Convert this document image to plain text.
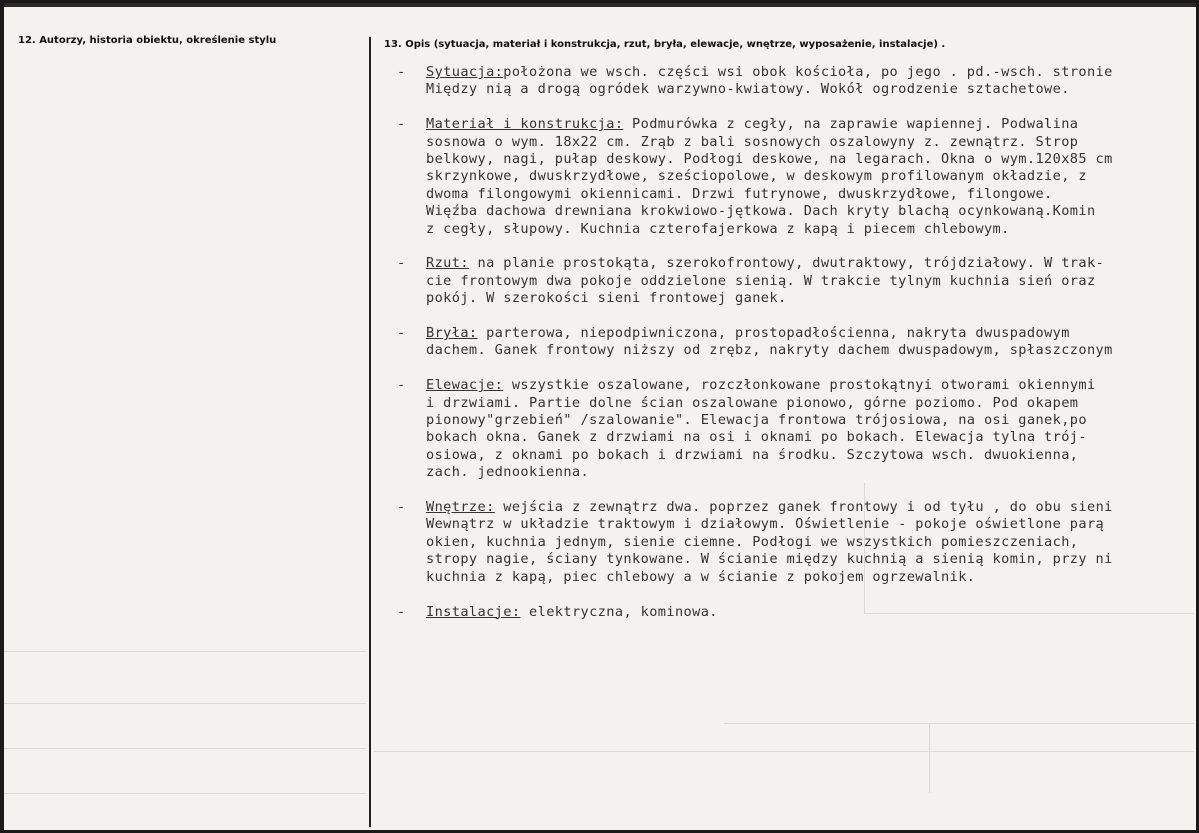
12. Autorzy, historia obiektu, określenie stylu	13. Opis (sytuacja, materiał i konstrukcja, rzut, bryła, elewacje, wnętrze, wyposażenie, instalacje) .
- Sytuacja:położona we wsch. części wsi obok kościoła, po jego . pd.-wsch. stronie
Między nią a drogą ogródek warzywno-kwiatowy. Wokół ogrodzenie sztachetowe.
- Materiał i konstrukcja: Podmurówka z cegły, na zaprawie wapiennej. Podwalina
sosnowa o wym. 18x22 cm. Zrąb z bali sosnowych oszalowyny z. zewnątrz. Strop
belkowy, nagi, pułap deskowy. Podłogi deskowe, na legarach. Okna o wym.120x85 cm
skrzynkowe, dwuskrzydłowe, sześciopolowe, w deskowym profilowanym okładzie, z
dwoma filongowymi okiennicami. Drzwi futrynowe, dwuskrzydłowe, filongowe.
Więźba dachowa drewniana krokwiowo-jętkowa. Dach kryty blachą ocynkowaną.Komin
z cegły, słupowy. Kuchnia czterofajerkowa z kapą i piecem chlebowym.
- Rzut: na planie prostokąta, szerokofrontowy, dwutraktowy, trójdziałowy. W trak-
cie frontowym dwa pokoje oddzielone sienią. W trakcie tylnym kuchnia sień oraz
pokój. W szerokości sieni frontowej ganek.
- Bryła: parterowa, niepodpiwniczona, prostopadłościenna, nakryta dwuspadowym
dachem. Ganek frontowy niższy od zrębz, nakryty dachem dwuspadowym, spłaszczonym
- Elewacje: wszystkie oszalowane, rozczłonkowane prostokątnyi otworami okiennymi
i drzwiami. Partie dolne ścian oszalowane pionowo, górne poziomo. Pod okapem
pionowy"grzebień" /szalowanie". Elewacja frontowa trójosiowa, na osi ganek,po
bokach okna. Ganek z drzwiami na osi i oknami po bokach. Elewacja tylna trój-
osiowa, z oknami po bokach i drzwiami na środku. Szczytowa wsch. dwuokienna,
zach. jednookienna.
- Wnętrze: wejścia z zewnątrz dwa. poprzez ganek frontowy i od tyłu , do obu sieni
Wewnątrz w układzie traktowym i działowym. Oświetlenie - pokoje oświetlone parą
okien, kuchnia jednym, sienie ciemne. Podłogi we wszystkich pomieszczeniach,
stropy nagie, ściany tynkowane. W ścianie między kuchnią a sienią komin, przy ni
kuchnia z kapą, piec chlebowy a w ścianie z pokojem ogrzewalnik.
- Instalacje: elektryczna, kominowa.
